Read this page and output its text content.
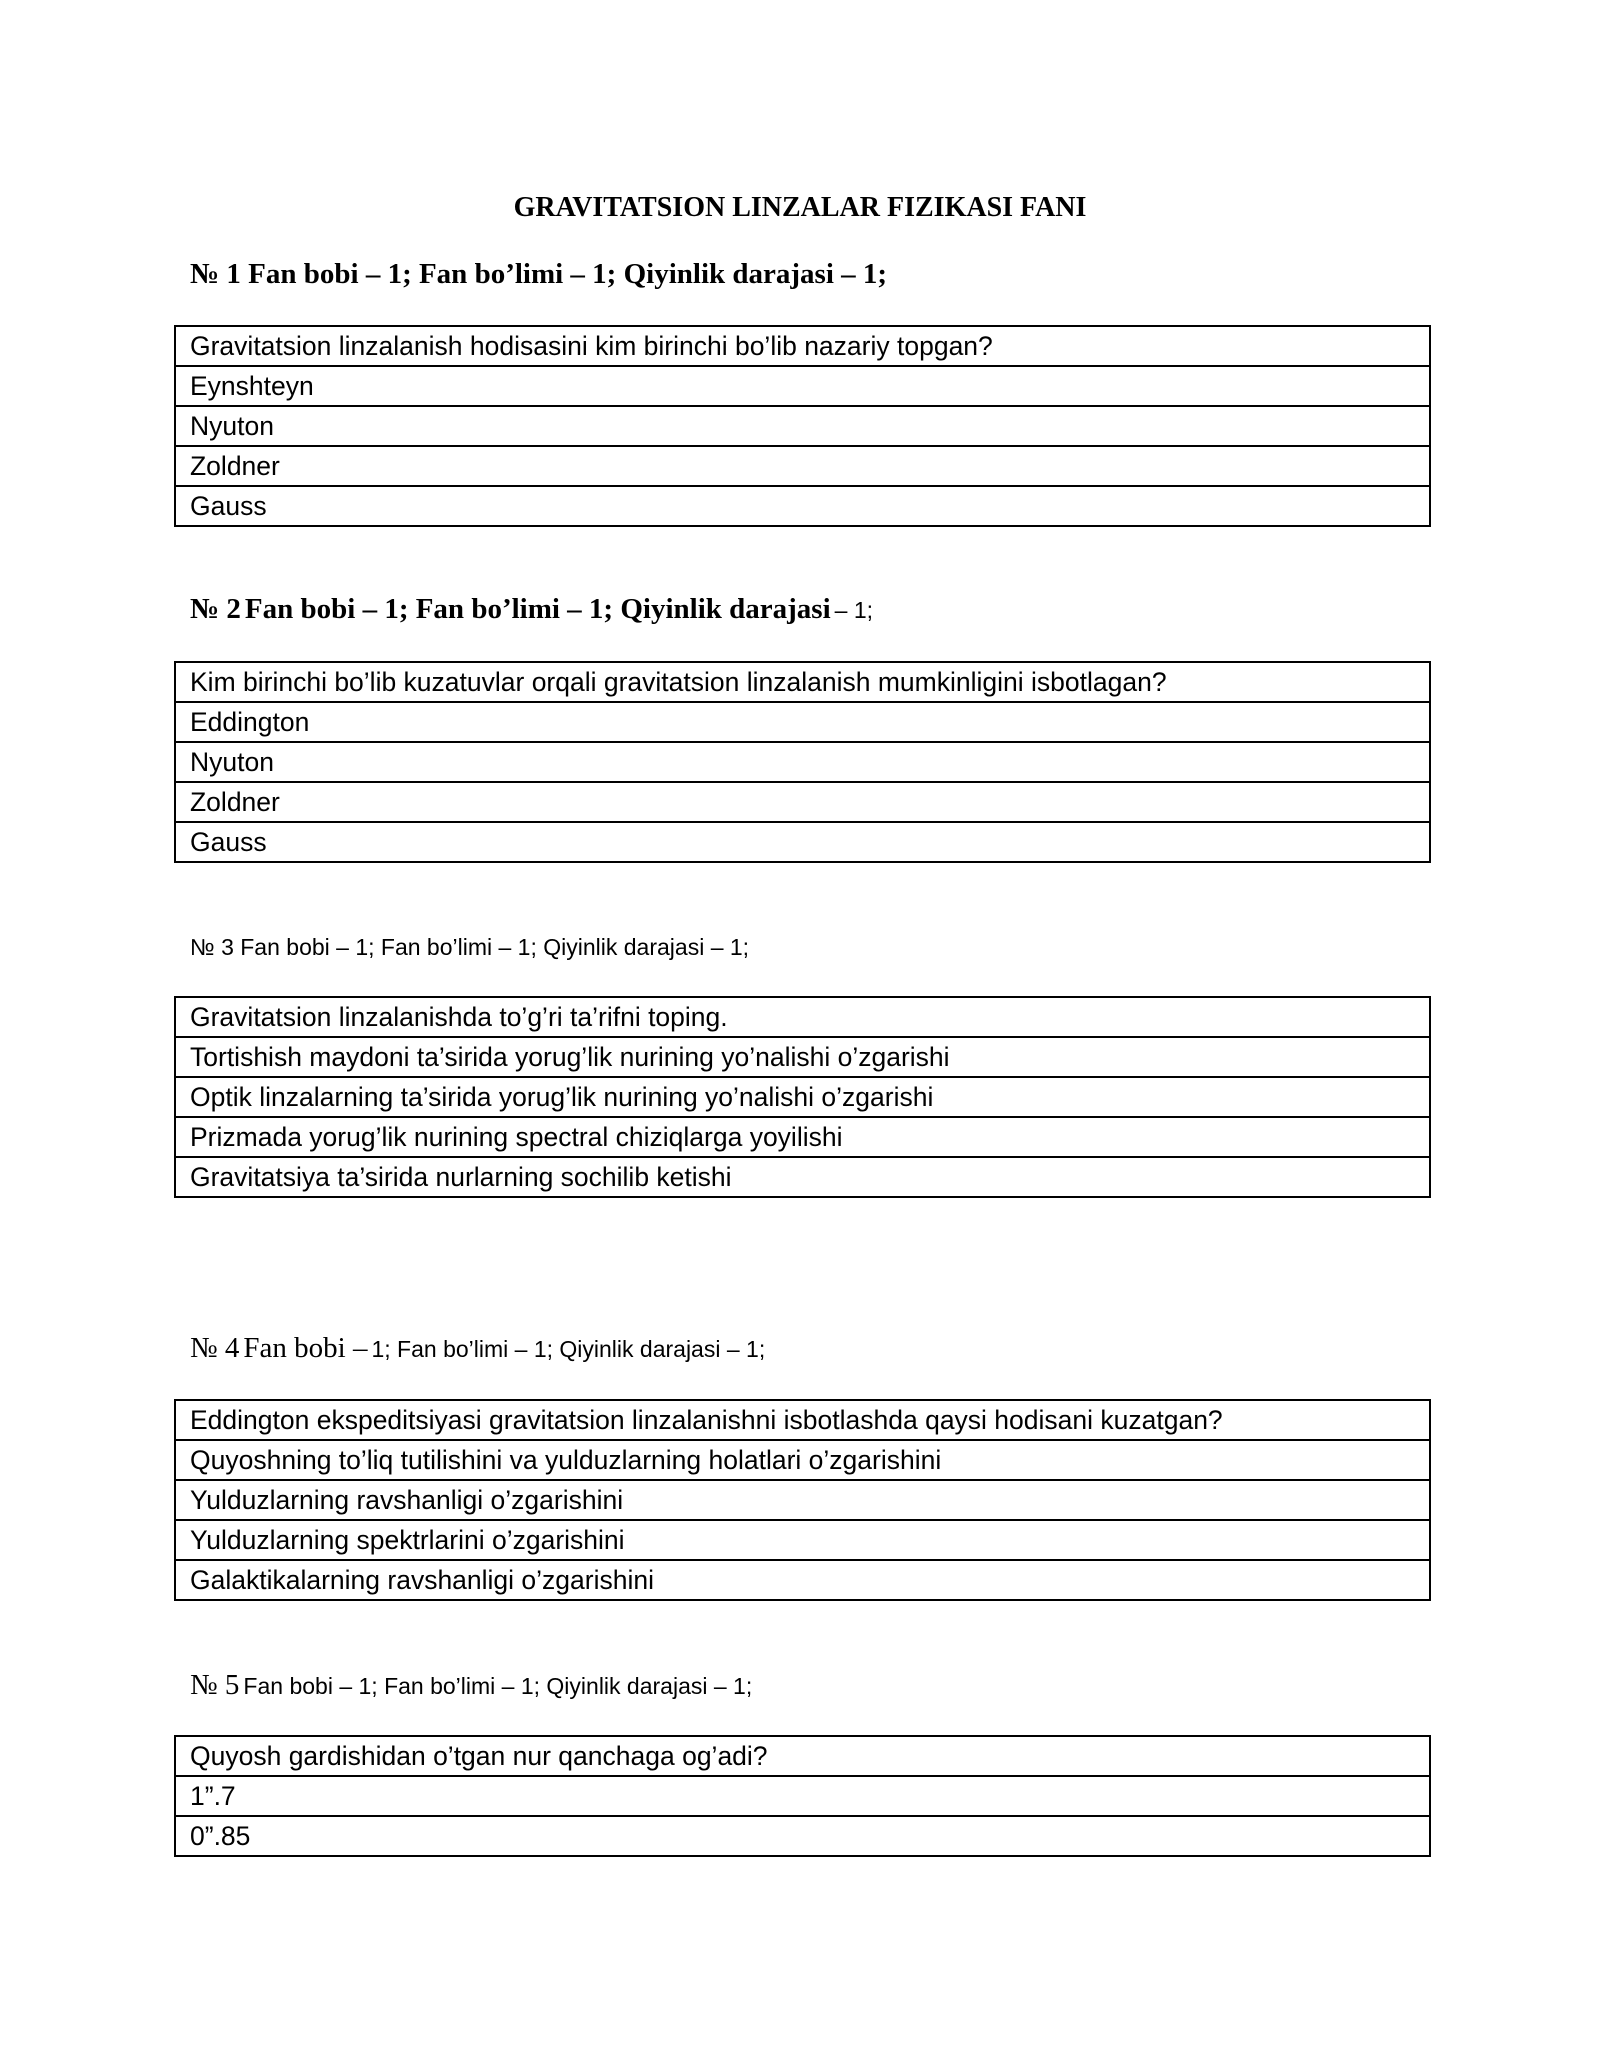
GRAVITATSION LINZALAR FIZIKASI FANI
№ 1 Fan bobi – 1; Fan bo’limi – 1; Qiyinlik darajasi – 1;
Gravitatsion linzalanish hodisasini kim birinchi bo’lib nazariy topgan?
Eynshteyn
Nyuton
Zoldner
Gauss
№ 2 Fan bobi – 1; Fan bo’limi – 1; Qiyinlik darajasi – 1;
Kim birinchi bo’lib kuzatuvlar orqali gravitatsion linzalanish mumkinligini isbotlagan?
Eddington
Nyuton
Zoldner
Gauss
№ 3 Fan bobi – 1; Fan bo’limi – 1; Qiyinlik darajasi – 1;
Gravitatsion linzalanishda to’g’ri ta’rifni toping.
Tortishish maydoni ta’sirida yorug’lik nurining yo’nalishi o’zgarishi
Optik linzalarning ta’sirida yorug’lik nurining yo’nalishi o’zgarishi
Prizmada yorug’lik nurining spectral chiziqlarga yoyilishi
Gravitatsiya ta’sirida nurlarning sochilib ketishi
№ 4 Fan bobi – 1; Fan bo’limi – 1; Qiyinlik darajasi – 1;
Eddington ekspeditsiyasi gravitatsion linzalanishni isbotlashda qaysi hodisani kuzatgan?
Quyoshning to’liq tutilishini va yulduzlarning holatlari o’zgarishini
Yulduzlarning ravshanligi o’zgarishini
Yulduzlarning spektrlarini o’zgarishini
Galaktikalarning ravshanligi o’zgarishini
№ 5 Fan bobi – 1; Fan bo’limi – 1; Qiyinlik darajasi – 1;
Quyosh gardishidan o’tgan nur qanchaga og’adi?
1”.7
0”.85
